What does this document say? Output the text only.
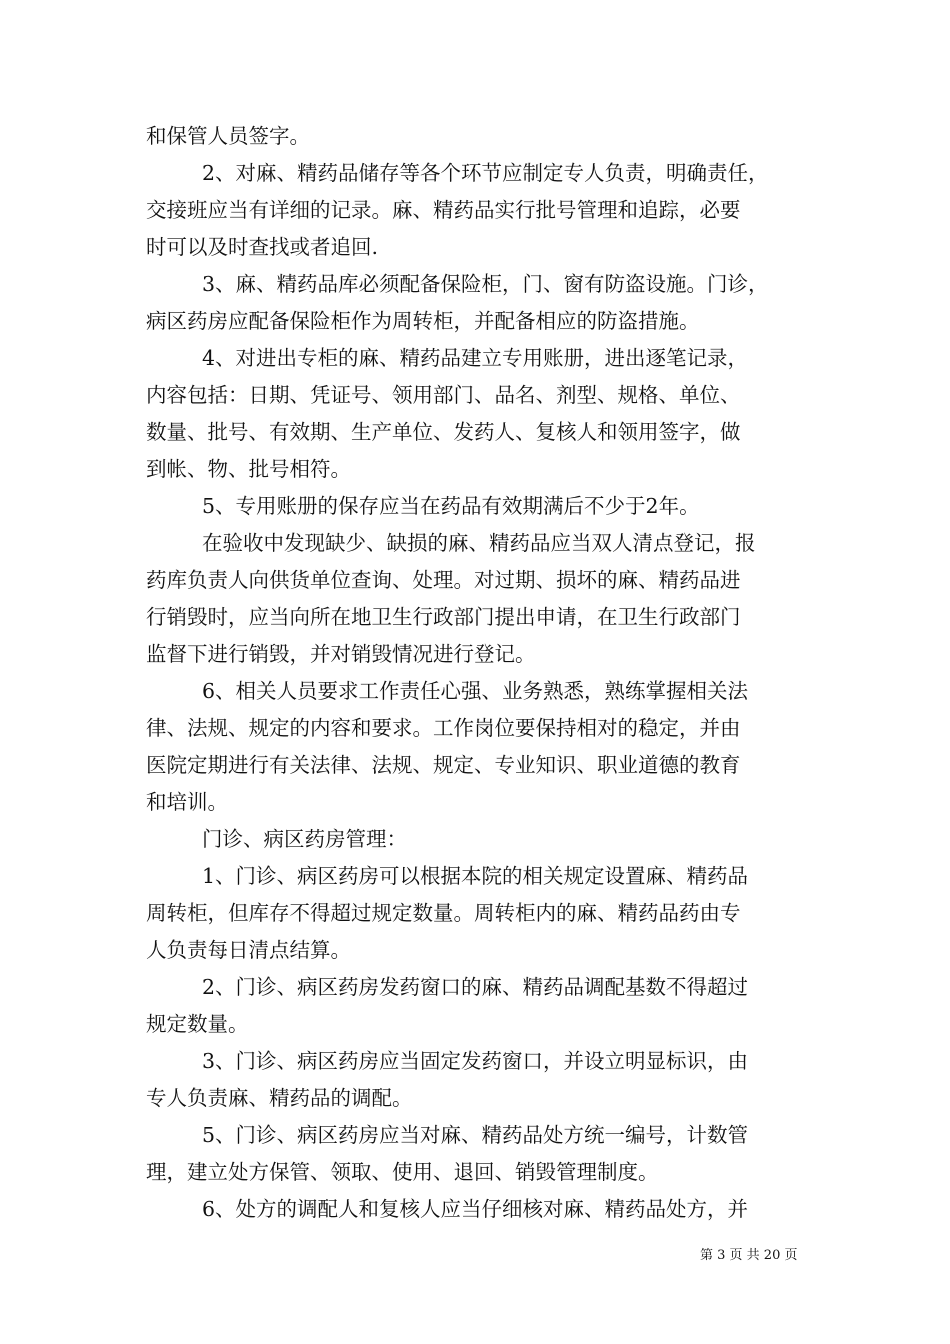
和保管人员签字。
2、对麻、精药品储存等各个环节应制定专人负责，明确责任，
交接班应当有详细的记录。麻、精药品实行批号管理和追踪，必要
时可以及时查找或者追回.
3、麻、精药品库必须配备保险柜，门、窗有防盗设施。门诊，
病区药房应配备保险柜作为周转柜，并配备相应的防盗措施。
4、对进出专柜的麻、精药品建立专用账册，进出逐笔记录，
内容包括：日期、凭证号、领用部门、品名、剂型、规格、单位、
数量、批号、有效期、生产单位、发药人、复核人和领用签字，做
到帐、物、批号相符。
5、专用账册的保存应当在药品有效期满后不少于2年。
在验收中发现缺少、缺损的麻、精药品应当双人清点登记，报
药库负责人向供货单位查询、处理。对过期、损坏的麻、精药品进
行销毁时，应当向所在地卫生行政部门提出申请，在卫生行政部门
监督下进行销毁，并对销毁情况进行登记。
6、相关人员要求工作责任心强、业务熟悉，熟练掌握相关法
律、法规、规定的内容和要求。工作岗位要保持相对的稳定，并由
医院定期进行有关法律、法规、规定、专业知识、职业道德的教育
和培训。
门诊、病区药房管理：
1、门诊、病区药房可以根据本院的相关规定设置麻、精药品
周转柜，但库存不得超过规定数量。周转柜内的麻、精药品药由专
人负责每日清点结算。
2、门诊、病区药房发药窗口的麻、精药品调配基数不得超过
规定数量。
3、门诊、病区药房应当固定发药窗口，并设立明显标识，由
专人负责麻、精药品的调配。
5、门诊、病区药房应当对麻、精药品处方统一编号，计数管
理，建立处方保管、领取、使用、退回、销毁管理制度。
6、处方的调配人和复核人应当仔细核对麻、精药品处方，并
第 3 页 共 20 页
